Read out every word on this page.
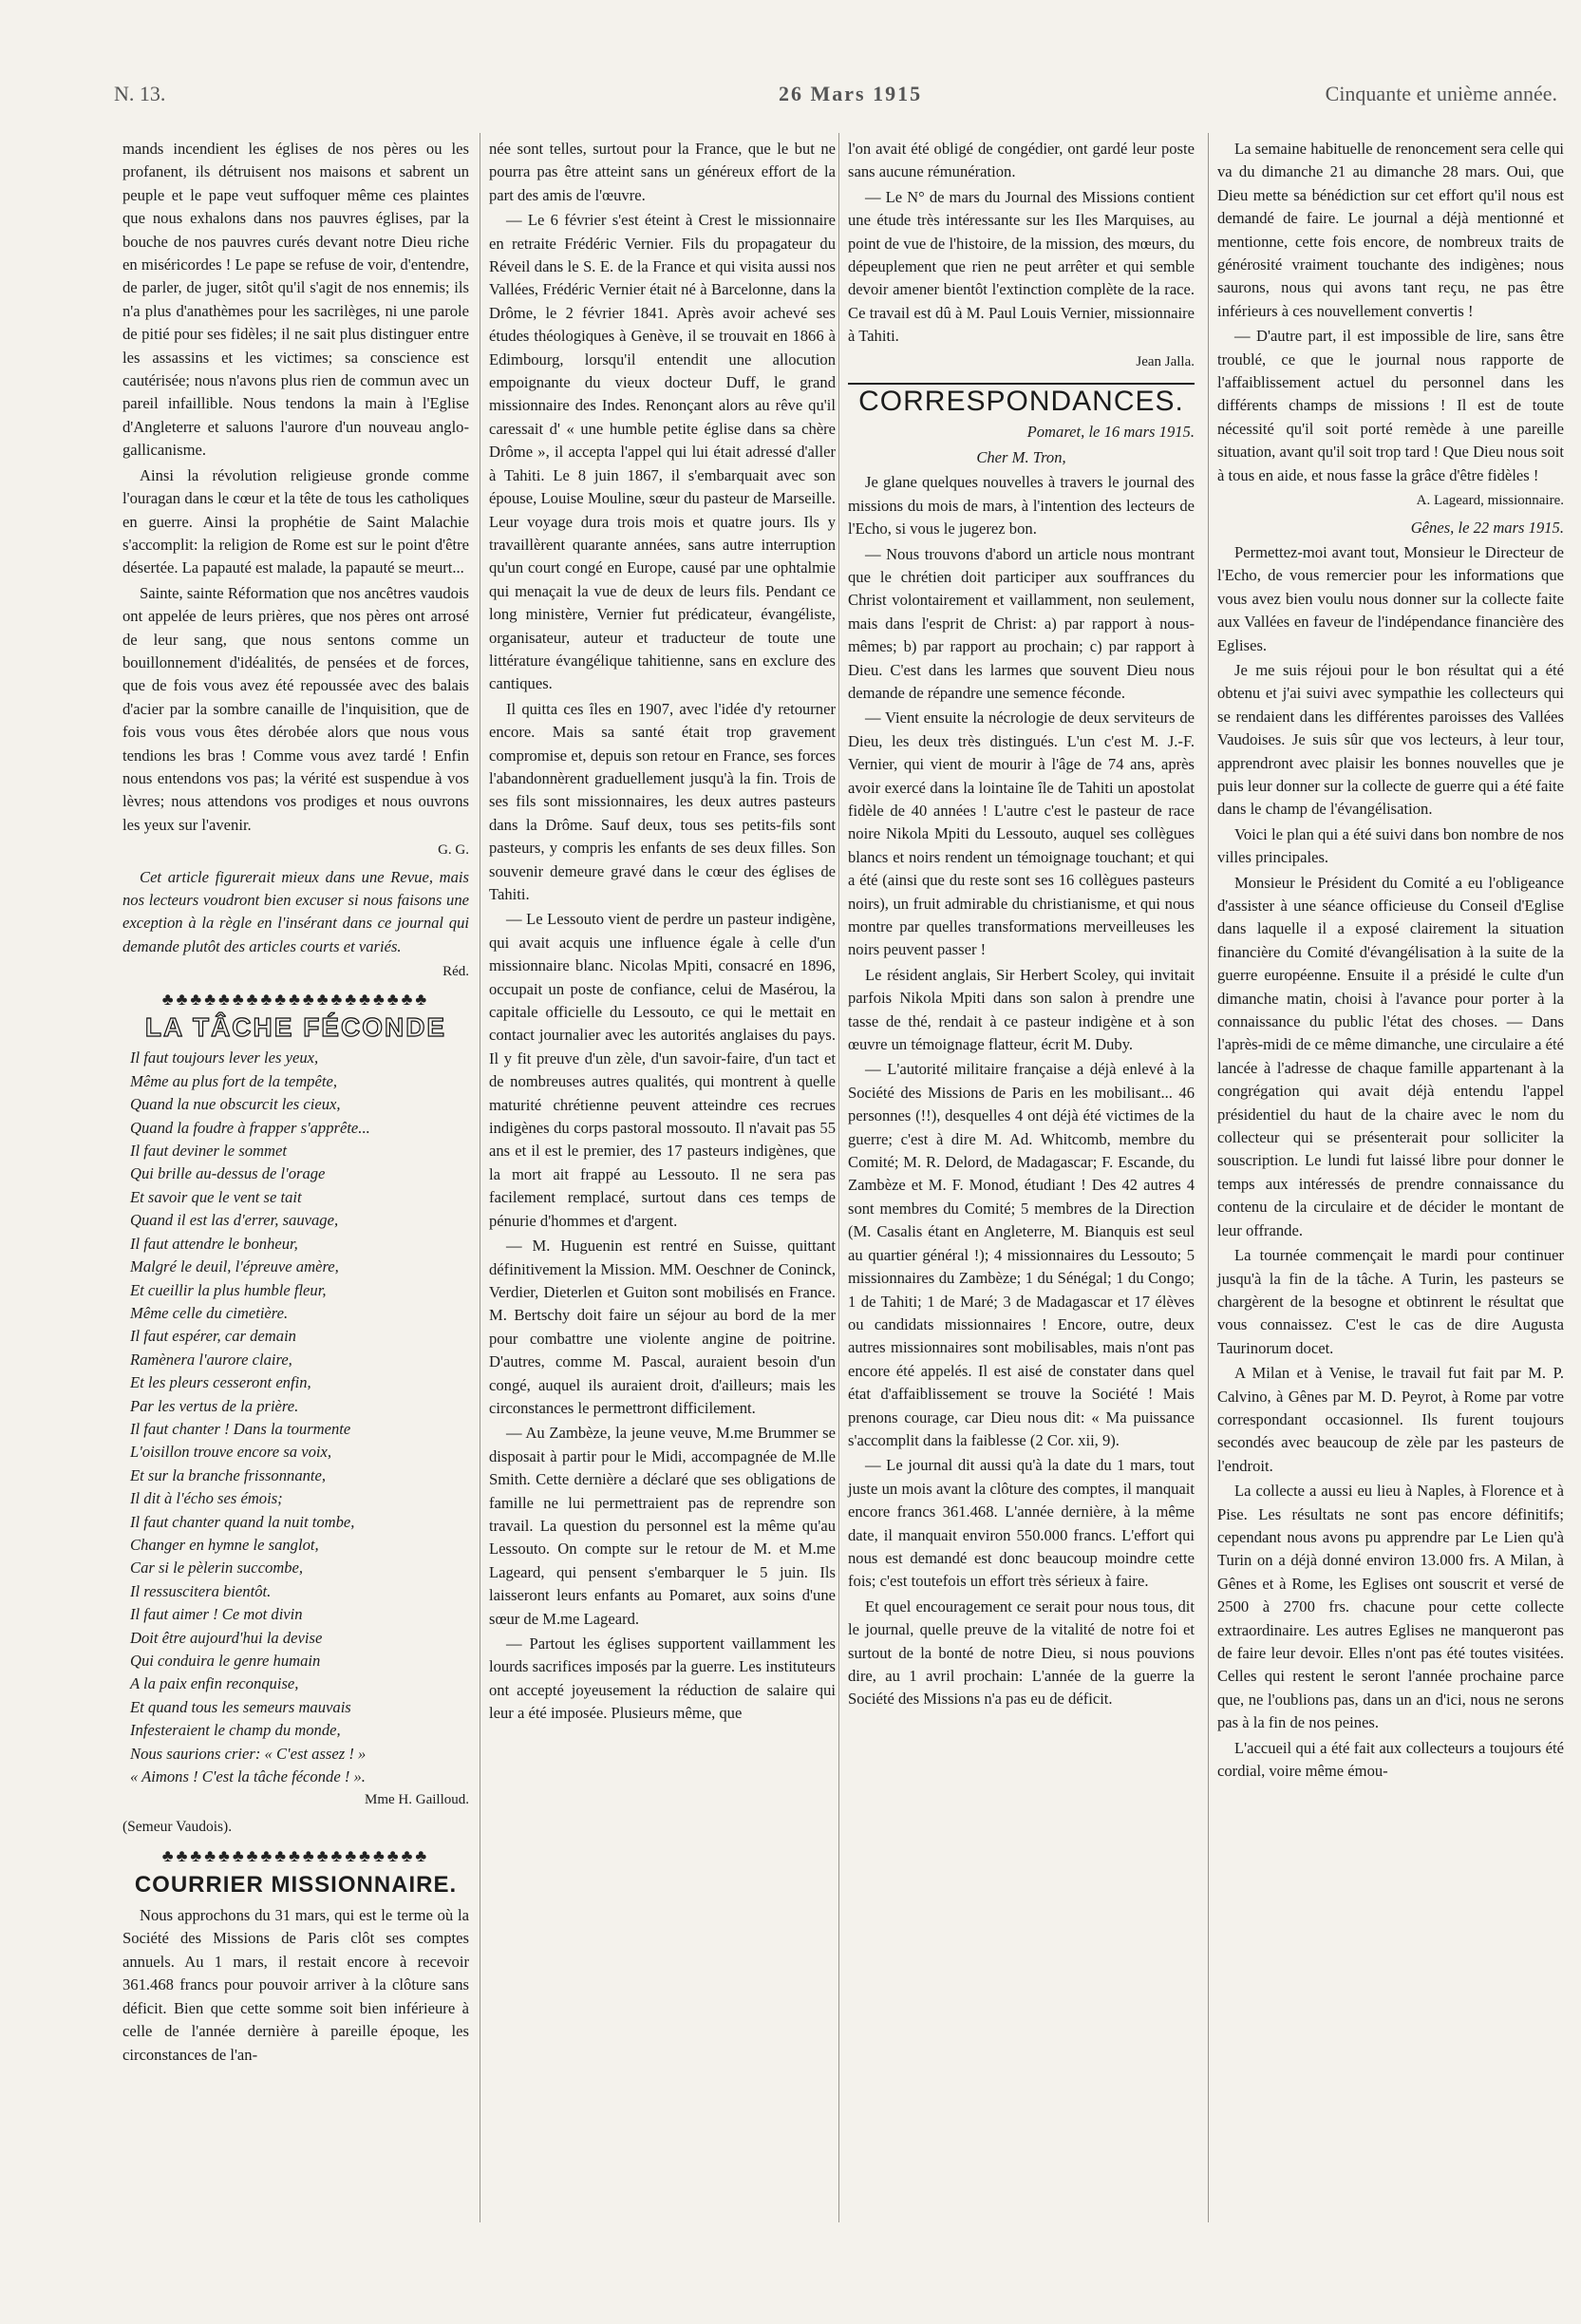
N. 13.	26 Mars 1915	Cinquante et unième année.

mands incendient les églises de nos pères ou les profanent, ils détruisent nos maisons et sabrent un peuple et le pape veut suffoquer même ces plaintes que nous exhalons dans nos pauvres églises, par la bouche de nos pauvres curés devant notre Dieu riche en miséricordes ! Le pape se refuse de voir, d'entendre, de parler, de juger, sitôt qu'il s'agit de nos ennemis; ils n'a plus d'anathèmes pour les sacrilèges, ni une parole de pitié pour ses fidèles; il ne sait plus distinguer entre les assassins et les victimes; sa conscience est cautérisée; nous n'avons plus rien de commun avec un pareil infaillible. Nous tendons la main à l'Eglise d'Angleterre et saluons l'aurore d'un nouveau anglo-gallicanisme.

Ainsi la révolution religieuse gronde comme l'ouragan dans le cœur et la tête de tous les catholiques en guerre. Ainsi la prophétie de Saint Malachie s'accomplit: la religion de Rome est sur le point d'être désertée. La papauté est malade, la papauté se meurt...

Sainte, sainte Réformation que nos ancêtres vaudois ont appelée de leurs prières, que nos pères ont arrosé de leur sang, que nous sentons comme un bouillonnement d'idéalités, de pensées et de forces, que de fois vous avez été repoussée avec des balais d'acier par la sombre canaille de l'inquisition, que de fois vous vous êtes dérobée alors que nous vous tendions les bras ! Comme vous avez tardé ! Enfin nous entendons vos pas; la vérité est suspendue à vos lèvres; nous attendons vos prodiges et nous ouvrons les yeux sur l'avenir.

G. G.

Cet article figurerait mieux dans une Revue, mais nos lecteurs voudront bien excuser si nous faisons une exception à la règle en l'insérant dans ce journal qui demande plutôt des articles courts et variés.

Réd.
♣♣♣♣♣♣♣♣♣♣♣♣♣♣♣♣♣♣♣
LA TÂCHE FÉCONDE
Il faut toujours lever les yeux,
Même au plus fort de la tempête,
Quand la nue obscurcit les cieux,
Quand la foudre à frapper s'apprête...
Il faut deviner le sommet
Qui brille au-dessus de l'orage
Et savoir que le vent se tait
Quand il est las d'errer, sauvage,
Il faut attendre le bonheur,
Malgré le deuil, l'épreuve amère,
Et cueillir la plus humble fleur,
Même celle du cimetière.
Il faut espérer, car demain
Ramènera l'aurore claire,
Et les pleurs cesseront enfin,
Par les vertus de la prière.
Il faut chanter ! Dans la tourmente
L'oisillon trouve encore sa voix,
Et sur la branche frissonnante,
Il dit à l'écho ses émois;
Il faut chanter quand la nuit tombe,
Changer en hymne le sanglot,
Car si le pèlerin succombe,
Il ressuscitera bientôt.
Il faut aimer ! Ce mot divin
Doit être aujourd'hui la devise
Qui conduira le genre humain
A la paix enfin reconquise,
Et quand tous les semeurs mauvais
Infesteraient le champ du monde,
Nous saurions crier: « C'est assez ! »
« Aimons ! C'est la tâche féconde ! ».
Mme H. Gailloud.
(Semeur Vaudois).
♣♣♣♣♣♣♣♣♣♣♣♣♣♣♣♣♣♣♣
COURRIER MISSIONNAIRE.

Nous approchons du 31 mars, qui est le terme où la Société des Missions de Paris clôt ses comptes annuels. Au 1 mars, il restait encore à recevoir 361.468 francs pour pouvoir arriver à la clôture sans déficit. Bien que cette somme soit bien inférieure à celle de l'année dernière à pareille époque, les circonstances de l'an-

née sont telles, surtout pour la France, que le but ne pourra pas être atteint sans un généreux effort de la part des amis de l'œuvre.

— Le 6 février s'est éteint à Crest le missionnaire en retraite Frédéric Vernier. Fils du propagateur du Réveil dans le S. E. de la France et qui visita aussi nos Vallées, Frédéric Vernier était né à Barcelonne, dans la Drôme, le 2 février 1841. Après avoir achevé ses études théologiques à Genève, il se trouvait en 1866 à Edimbourg, lorsqu'il entendit une allocution empoignante du vieux docteur Duff, le grand missionnaire des Indes. Renonçant alors au rêve qu'il caressait d' « une humble petite église dans sa chère Drôme », il accepta l'appel qui lui était adressé d'aller à Tahiti. Le 8 juin 1867, il s'embarquait avec son épouse, Louise Mouline, sœur du pasteur de Marseille. Leur voyage dura trois mois et quatre jours. Ils y travaillèrent quarante années, sans autre interruption qu'un court congé en Europe, causé par une ophtalmie qui menaçait la vue de deux de leurs fils. Pendant ce long ministère, Vernier fut prédicateur, évangéliste, organisateur, auteur et traducteur de toute une littérature évangélique tahitienne, sans en exclure des cantiques.

Il quitta ces îles en 1907, avec l'idée d'y retourner encore. Mais sa santé était trop gravement compromise et, depuis son retour en France, ses forces l'abandonnèrent graduellement jusqu'à la fin. Trois de ses fils sont missionnaires, les deux autres pasteurs dans la Drôme. Sauf deux, tous ses petits-fils sont pasteurs, y compris les enfants de ses deux filles. Son souvenir demeure gravé dans le cœur des églises de Tahiti.

— Le Lessouto vient de perdre un pasteur indigène, qui avait acquis une influence égale à celle d'un missionnaire blanc. Nicolas Mpiti, consacré en 1896, occupait un poste de confiance, celui de Masérou, la capitale officielle du Lessouto, ce qui le mettait en contact journalier avec les autorités anglaises du pays. Il y fit preuve d'un zèle, d'un savoir-faire, d'un tact et de nombreuses autres qualités, qui montrent à quelle maturité chrétienne peuvent atteindre ces recrues indigènes du corps pastoral mossouto. Il n'avait pas 55 ans et il est le premier, des 17 pasteurs indigènes, que la mort ait frappé au Lessouto. Il ne sera pas facilement remplacé, surtout dans ces temps de pénurie d'hommes et d'argent.

— M. Huguenin est rentré en Suisse, quittant définitivement la Mission. MM. Oeschner de Coninck, Verdier, Dieterlen et Guiton sont mobilisés en France. M. Bertschy doit faire un séjour au bord de la mer pour combattre une violente angine de poitrine. D'autres, comme M. Pascal, auraient besoin d'un congé, auquel ils auraient droit, d'ailleurs; mais les circonstances le permettront difficilement.

— Au Zambèze, la jeune veuve, M.me Brummer se disposait à partir pour le Midi, accompagnée de M.lle Smith. Cette dernière a déclaré que ses obligations de famille ne lui permettraient pas de reprendre son travail. La question du personnel est la même qu'au Lessouto. On compte sur le retour de M. et M.me Lageard, qui pensent s'embarquer le 5 juin. Ils laisseront leurs enfants au Pomaret, aux soins d'une sœur de M.me Lageard.

— Partout les églises supportent vaillamment les lourds sacrifices imposés par la guerre. Les instituteurs ont accepté joyeusement la réduction de salaire qui leur a été imposée. Plusieurs même, que

l'on avait été obligé de congédier, ont gardé leur poste sans aucune rémunération.

— Le N° de mars du Journal des Missions contient une étude très intéressante sur les Iles Marquises, au point de vue de l'histoire, de la mission, des mœurs, du dépeuplement que rien ne peut arrêter et qui semble devoir amener bientôt l'extinction complète de la race. Ce travail est dû à M. Paul Louis Vernier, missionnaire à Tahiti.

Jean Jalla.
CORRESPONDANCES.
Pomaret, le 16 mars 1915.
Cher M. Tron,

Je glane quelques nouvelles à travers le journal des missions du mois de mars, à l'intention des lecteurs de l'Echo, si vous le jugerez bon.

— Nous trouvons d'abord un article nous montrant que le chrétien doit participer aux souffrances du Christ volontairement et vaillamment, non seulement, mais dans l'esprit de Christ: a) par rapport à nous-mêmes; b) par rapport au prochain; c) par rapport à Dieu. C'est dans les larmes que souvent Dieu nous demande de répandre une semence féconde.

— Vient ensuite la nécrologie de deux serviteurs de Dieu, les deux très distingués. L'un c'est M. J.-F. Vernier, qui vient de mourir à l'âge de 74 ans, après avoir exercé dans la lointaine île de Tahiti un apostolat fidèle de 40 années ! L'autre c'est le pasteur de race noire Nikola Mpiti du Lessouto, auquel ses collègues blancs et noirs rendent un témoignage touchant; et qui a été (ainsi que du reste sont ses 16 collègues pasteurs noirs), un fruit admirable du christianisme, et qui nous montre par quelles transformations merveilleuses les noirs peuvent passer !

Le résident anglais, Sir Herbert Scoley, qui invitait parfois Nikola Mpiti dans son salon à prendre une tasse de thé, rendait à ce pasteur indigène et à son œuvre un témoignage flatteur, écrit M. Duby.

— L'autorité militaire française a déjà enlevé à la Société des Missions de Paris en les mobilisant... 46 personnes (!!), desquelles 4 ont déjà été victimes de la guerre; c'est à dire M. Ad. Whitcomb, membre du Comité; M. R. Delord, de Madagascar; F. Escande, du Zambèze et M. F. Monod, étudiant ! Des 42 autres 4 sont membres du Comité; 5 membres de la Direction (M. Casalis étant en Angleterre, M. Bianquis est seul au quartier général !); 4 missionnaires du Lessouto; 5 missionnaires du Zambèze; 1 du Sénégal; 1 du Congo; 1 de Tahiti; 1 de Maré; 3 de Madagascar et 17 élèves ou candidats missionnaires ! Encore, outre, deux autres missionnaires sont mobilisables, mais n'ont pas encore été appelés. Il est aisé de constater dans quel état d'affaiblissement se trouve la Société ! Mais prenons courage, car Dieu nous dit: « Ma puissance s'accomplit dans la faiblesse (2 Cor. xii, 9).

— Le journal dit aussi qu'à la date du 1 mars, tout juste un mois avant la clôture des comptes, il manquait encore francs 361.468. L'année dernière, à la même date, il manquait environ 550.000 francs. L'effort qui nous est demandé est donc beaucoup moindre cette fois; c'est toutefois un effort très sérieux à faire.

Et quel encouragement ce serait pour nous tous, dit le journal, quelle preuve de la vitalité de notre foi et surtout de la bonté de notre Dieu, si nous pouvions dire, au 1 avril prochain: L'année de la guerre la Société des Missions n'a pas eu de déficit.

La semaine habituelle de renoncement sera celle qui va du dimanche 21 au dimanche 28 mars. Oui, que Dieu mette sa bénédiction sur cet effort qu'il nous est demandé de faire. Le journal a déjà mentionné et mentionne, cette fois encore, de nombreux traits de générosité vraiment touchante des indigènes; nous saurons, nous qui avons tant reçu, ne pas être inférieurs à ces nouvellement convertis !

— D'autre part, il est impossible de lire, sans être troublé, ce que le journal nous rapporte de l'affaiblissement actuel du personnel dans les différents champs de missions ! Il est de toute nécessité qu'il soit porté remède à une pareille situation, avant qu'il soit trop tard ! Que Dieu nous soit à tous en aide, et nous fasse la grâce d'être fidèles !

A. Lageard, missionnaire.
Gênes, le 22 mars 1915.

Permettez-moi avant tout, Monsieur le Directeur de l'Echo, de vous remercier pour les informations que vous avez bien voulu nous donner sur la collecte faite aux Vallées en faveur de l'indépendance financière des Eglises.

Je me suis réjoui pour le bon résultat qui a été obtenu et j'ai suivi avec sympathie les collecteurs qui se rendaient dans les différentes paroisses des Vallées Vaudoises. Je suis sûr que vos lecteurs, à leur tour, apprendront avec plaisir les bonnes nouvelles que je puis leur donner sur la collecte de guerre qui a été faite dans le champ de l'évangélisation.

Voici le plan qui a été suivi dans bon nombre de nos villes principales.

Monsieur le Président du Comité a eu l'obligeance d'assister à une séance officieuse du Conseil d'Eglise dans laquelle il a exposé clairement la situation financière du Comité d'évangélisation à la suite de la guerre européenne. Ensuite il a présidé le culte d'un dimanche matin, choisi à l'avance pour porter à la connaissance du public l'état des choses. — Dans l'après-midi de ce même dimanche, une circulaire a été lancée à l'adresse de chaque famille appartenant à la congrégation qui avait déjà entendu l'appel présidentiel du haut de la chaire avec le nom du collecteur qui se présenterait pour solliciter la souscription. Le lundi fut laissé libre pour donner le temps aux intéressés de prendre connaissance du contenu de la circulaire et de décider le montant de leur offrande.

La tournée commençait le mardi pour continuer jusqu'à la fin de la tâche. A Turin, les pasteurs se chargèrent de la besogne et obtinrent le résultat que vous connaissez. C'est le cas de dire Augusta Taurinorum docet.

A Milan et à Venise, le travail fut fait par M. P. Calvino, à Gênes par M. D. Peyrot, à Rome par votre correspondant occasionnel. Ils furent toujours secondés avec beaucoup de zèle par les pasteurs de l'endroit.

La collecte a aussi eu lieu à Naples, à Florence et à Pise. Les résultats ne sont pas encore définitifs; cependant nous avons pu apprendre par Le Lien qu'à Turin on a déjà donné environ 13.000 frs. A Milan, à Gênes et à Rome, les Eglises ont souscrit et versé de 2500 à 2700 frs. chacune pour cette collecte extraordinaire. Les autres Eglises ne manqueront pas de faire leur devoir. Elles n'ont pas été toutes visitées. Celles qui restent le seront l'année prochaine parce que, ne l'oublions pas, dans un an d'ici, nous ne serons pas à la fin de nos peines.

L'accueil qui a été fait aux collecteurs a toujours été cordial, voire même émou-
